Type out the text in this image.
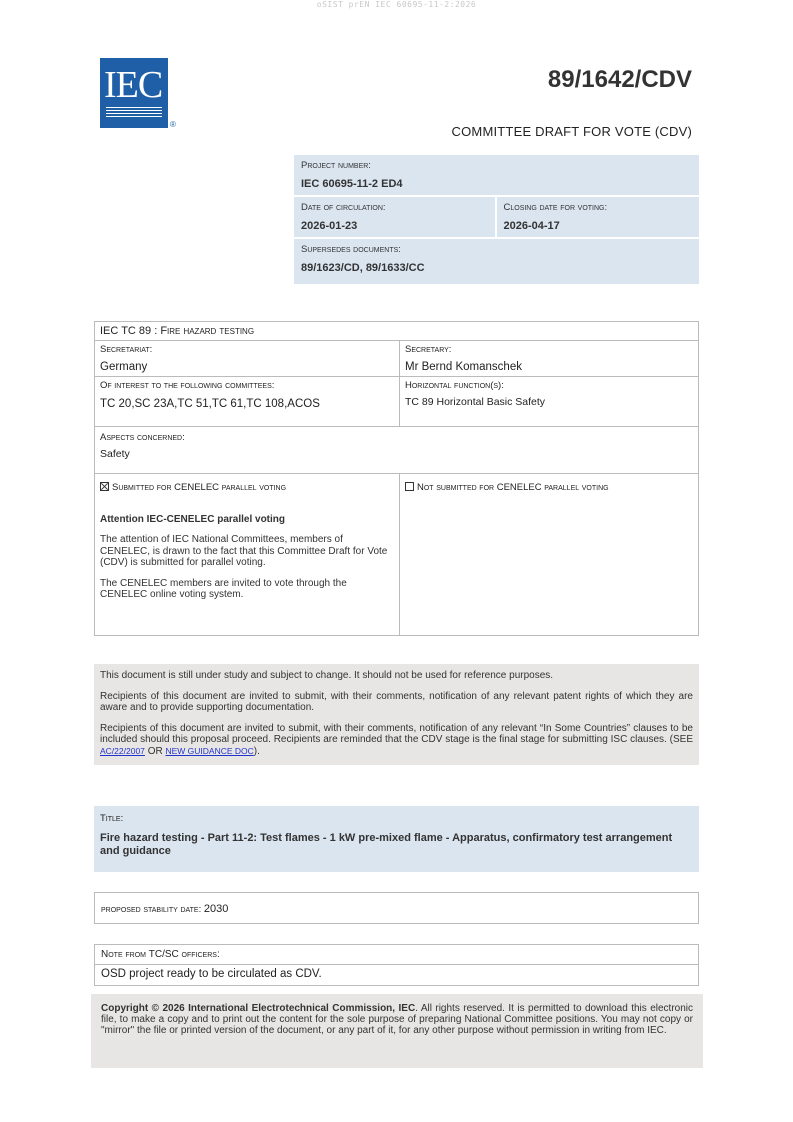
oSIST prEN IEC 60695-11-2:2026
IEC
®
89/1642/CDV
COMMITTEE DRAFT FOR VOTE (CDV)
Project number:
IEC 60695-11-2 ED4
Date of circulation:
2026-01-23
Closing date for voting:
2026-04-17
Supersedes documents:
89/1623/CD, 89/1633/CC
IEC TC 89 : Fire hazard testing
Secretariat:
Germany
Secretary:
Mr Bernd Komanschek
Of interest to the following committees:
TC 20,SC 23A,TC 51,TC 61,TC 108,ACOS
Horizontal function(s):
TC 89 Horizontal Basic Safety
Aspects concerned:
Safety
Submitted for CENELEC parallel voting
Attention IEC-CENELEC parallel voting
The attention of IEC National Committees, members of CENELEC, is drawn to the fact that this Committee Draft for Vote (CDV) is submitted for parallel voting.
The CENELEC members are invited to vote through the CENELEC online voting system.
Not submitted for CENELEC parallel voting

This document is still under study and subject to change. It should not be used for reference purposes.

Recipients of this document are invited to submit, with their comments, notification of any relevant patent rights of which they are aware and to provide supporting documentation.

Recipients of this document are invited to submit, with their comments, notification of any relevant “In Some Countries” clauses to be included should this proposal proceed. Recipients are reminded that the CDV stage is the final stage for submitting ISC clauses. (SEE AC/22/2007 OR NEW GUIDANCE DOC).

Title:
Fire hazard testing - Part 11-2: Test flames - 1 kW pre-mixed flame - Apparatus, confirmatory test arrangement and guidance
proposed stability date: 2030
Note from TC/SC officers:
OSD project ready to be circulated as CDV.
Copyright © 2026 International Electrotechnical Commission, IEC. All rights reserved. It is permitted to download this electronic file, to make a copy and to print out the content for the sole purpose of preparing National Committee positions. You may not copy or "mirror" the file or printed version of the document, or any part of it, for any other purpose without permission in writing from IEC.
